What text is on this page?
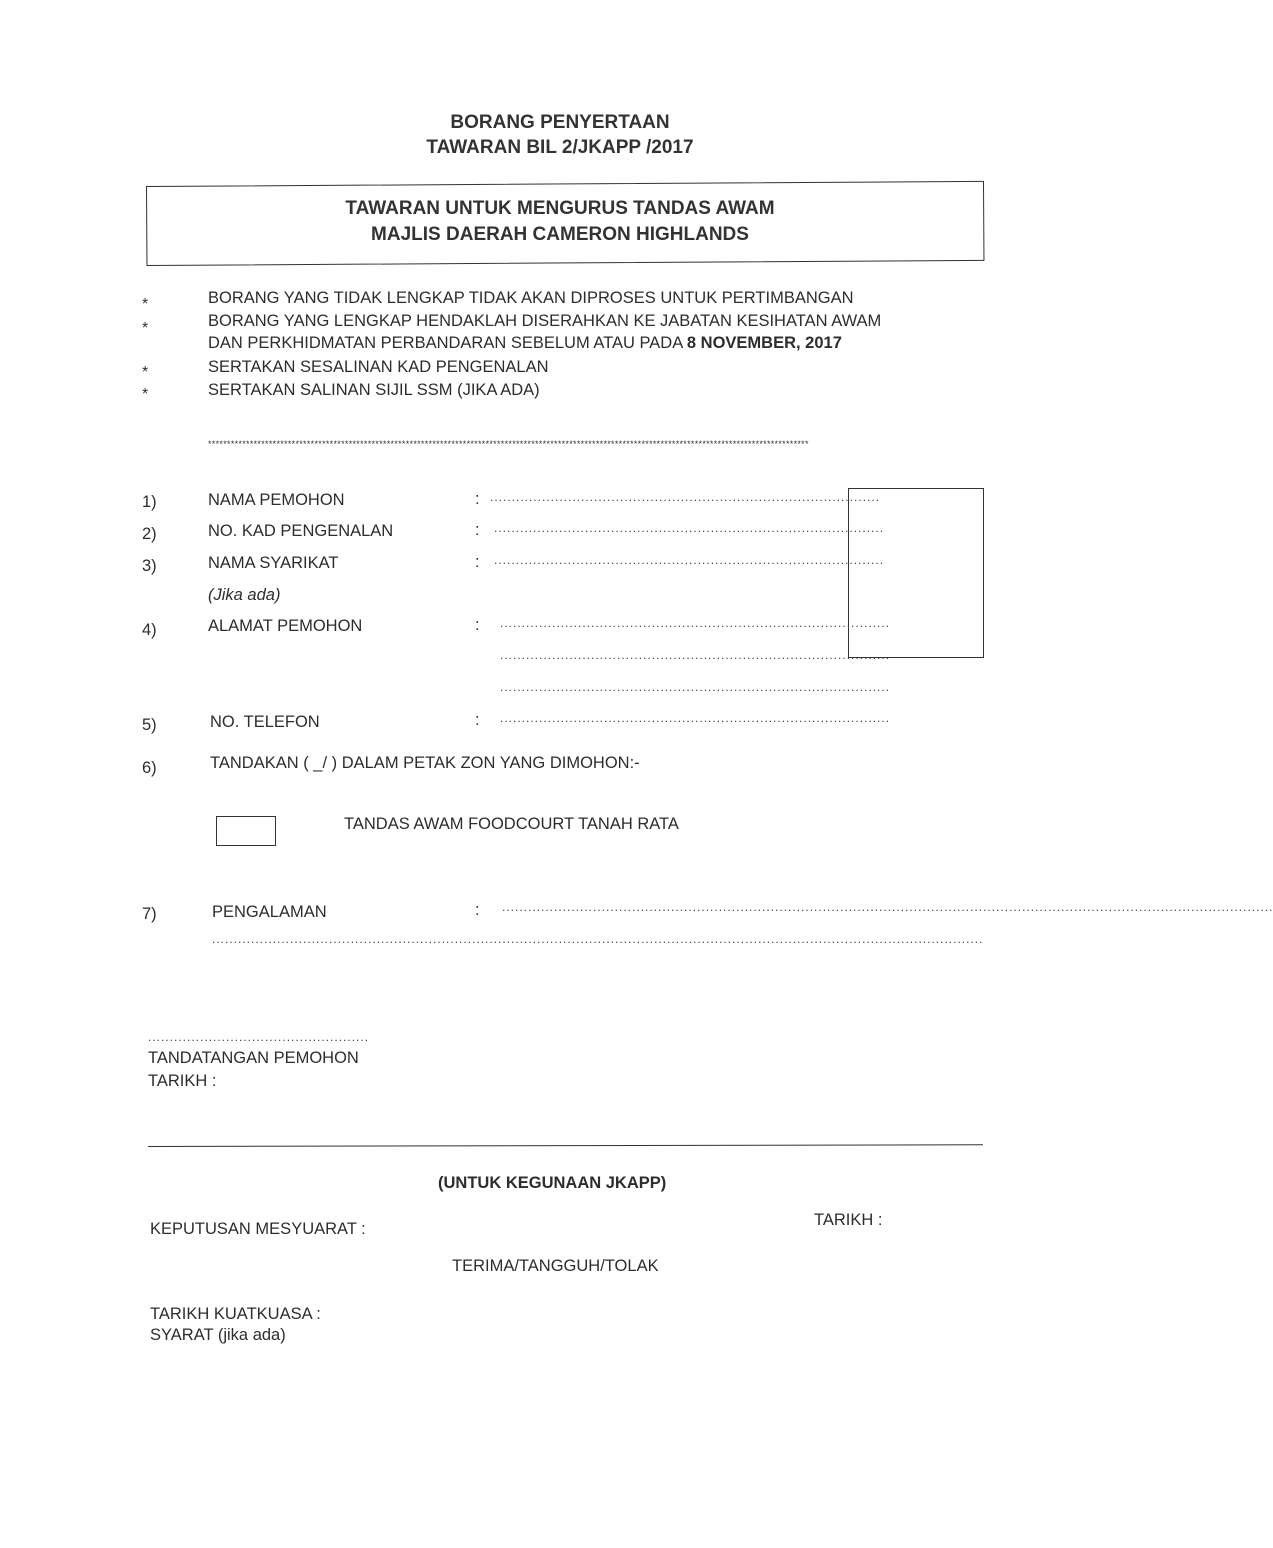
BORANG PENYERTAAN
TAWARAN BIL 2/JKAPP /2017
TAWARAN UNTUK MENGURUS TANDAS AWAM
MAJLIS DAERAH CAMERON HIGHLANDS
*	BORANG YANG TIDAK LENGKAP TIDAK AKAN DIPROSES UNTUK PERTIMBANGAN
*	BORANG YANG LENGKAP HENDAKLAH DISERAHKAN KE JABATAN KESIHATAN AWAM
DAN PERKHIDMATAN PERBANDARAN SEBELUM ATAU PADA 8 NOVEMBER, 2017
*	SERTAKAN SESALINAN KAD PENGENALAN
*	SERTAKAN SALINAN SIJIL SSM (JIKA ADA)
**************************************************************************************************************************************************************
1)	NAMA PEMOHON	: ..........................................................................................
2)	NO. KAD PENGENALAN	: ..........................................................................................
3)	NAMA SYARIKAT	: ..........................................................................................
(Jika ada)
4)	ALAMAT PEMOHON	: ..........................................................................................
..........................................................................................
..........................................................................................
5)	NO. TELEFON	: ..........................................................................................
6)	TANDAKAN ( _/ ) DALAM PETAK ZON YANG DIMOHON:-
TANDAS AWAM FOODCOURT TANAH RATA
7)	PENGALAMAN	: ..................................................................................................................................................................................
..................................................................................................................................................................................
...................................................
TANDATANGAN PEMOHON
TARIKH :
(UNTUK KEGUNAAN JKAPP)
KEPUTUSAN MESYUARAT :	TARIKH :
TERIMA/TANGGUH/TOLAK
TARIKH KUATKUASA :
SYARAT (jika ada)
